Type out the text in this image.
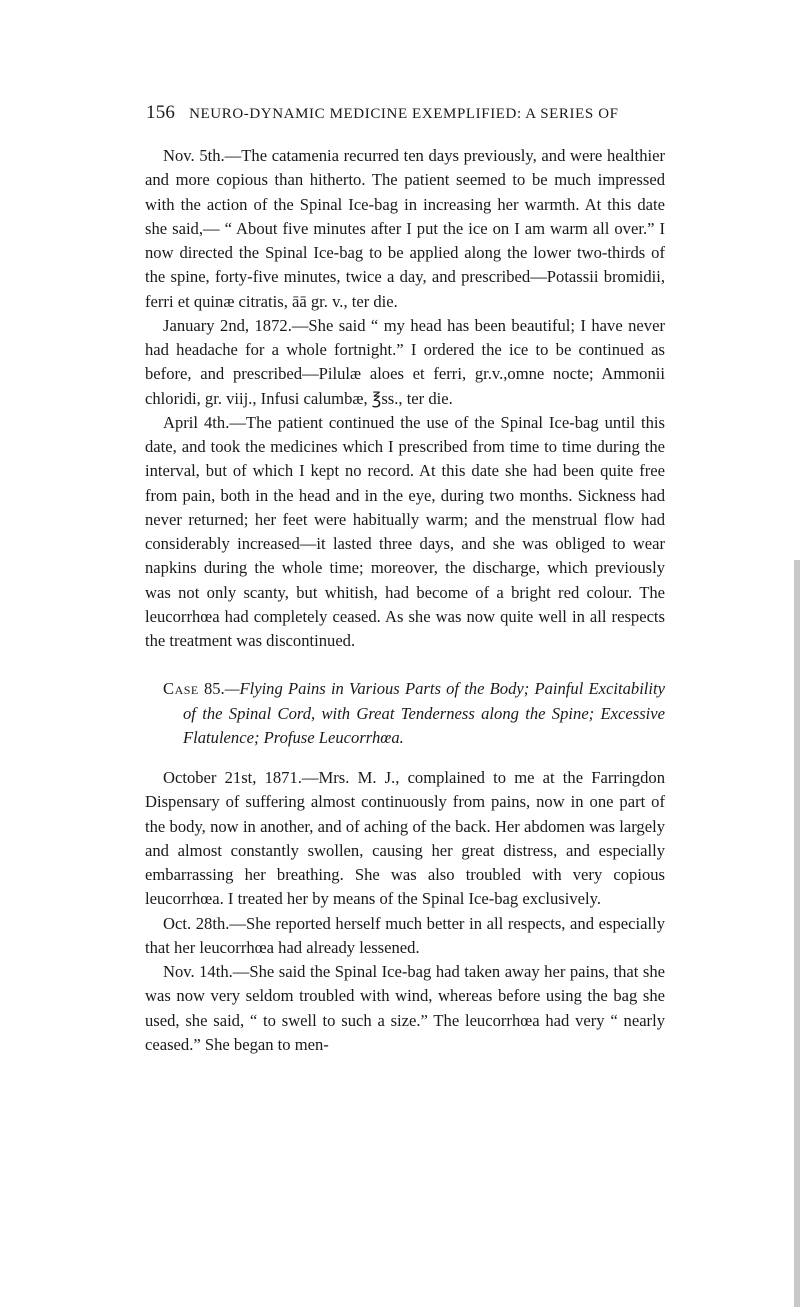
156 NEURO-DYNAMIC MEDICINE EXEMPLIFIED: A SERIES OF

Nov. 5th.—The catamenia recurred ten days previously, and were healthier and more copious than hitherto. The patient seemed to be much impressed with the action of the Spinal Ice-bag in increasing her warmth. At this date she said,— “ About five minutes after I put the ice on I am warm all over.” I now directed the Spinal Ice-bag to be applied along the lower two-thirds of the spine, forty-five minutes, twice a day, and prescribed—Potassii bromidii, ferri et quinæ citratis, āā gr. v., ter die.

January 2nd, 1872.—She said “ my head has been beautiful; I have never had headache for a whole fortnight.” I ordered the ice to be continued as before, and prescribed—Pilulæ aloes et ferri, gr.v.,omne nocte; Ammonii chloridi, gr. viij., Infusi calumbæ, ℥ss., ter die.

April 4th.—The patient continued the use of the Spinal Ice-bag until this date, and took the medicines which I prescribed from time to time during the interval, but of which I kept no record. At this date she had been quite free from pain, both in the head and in the eye, during two months. Sickness had never returned; her feet were habitually warm; and the menstrual flow had considerably increased—it lasted three days, and she was obliged to wear napkins during the whole time; moreover, the discharge, which previously was not only scanty, but whitish, had become of a bright red colour. The leucorrhœa had completely ceased. As she was now quite well in all respects the treatment was discontinued.

Case 85.—Flying Pains in Various Parts of the Body; Painful Excitability of the Spinal Cord, with Great Tenderness along the Spine; Excessive Flatulence; Profuse Leucorrhœa.

October 21st, 1871.—Mrs. M. J., complained to me at the Farringdon Dispensary of suffering almost continuously from pains, now in one part of the body, now in another, and of aching of the back. Her abdomen was largely and almost constantly swollen, causing her great distress, and especially embarrassing her breathing. She was also troubled with very copious leucorrhœa. I treated her by means of the Spinal Ice-bag exclusively.

Oct. 28th.—She reported herself much better in all respects, and especially that her leucorrhœa had already lessened.

Nov. 14th.—She said the Spinal Ice-bag had taken away her pains, that she was now very seldom troubled with wind, whereas before using the bag she used, she said, “ to swell to such a size.” The leucorrhœa had very “ nearly ceased.” She began to men-
